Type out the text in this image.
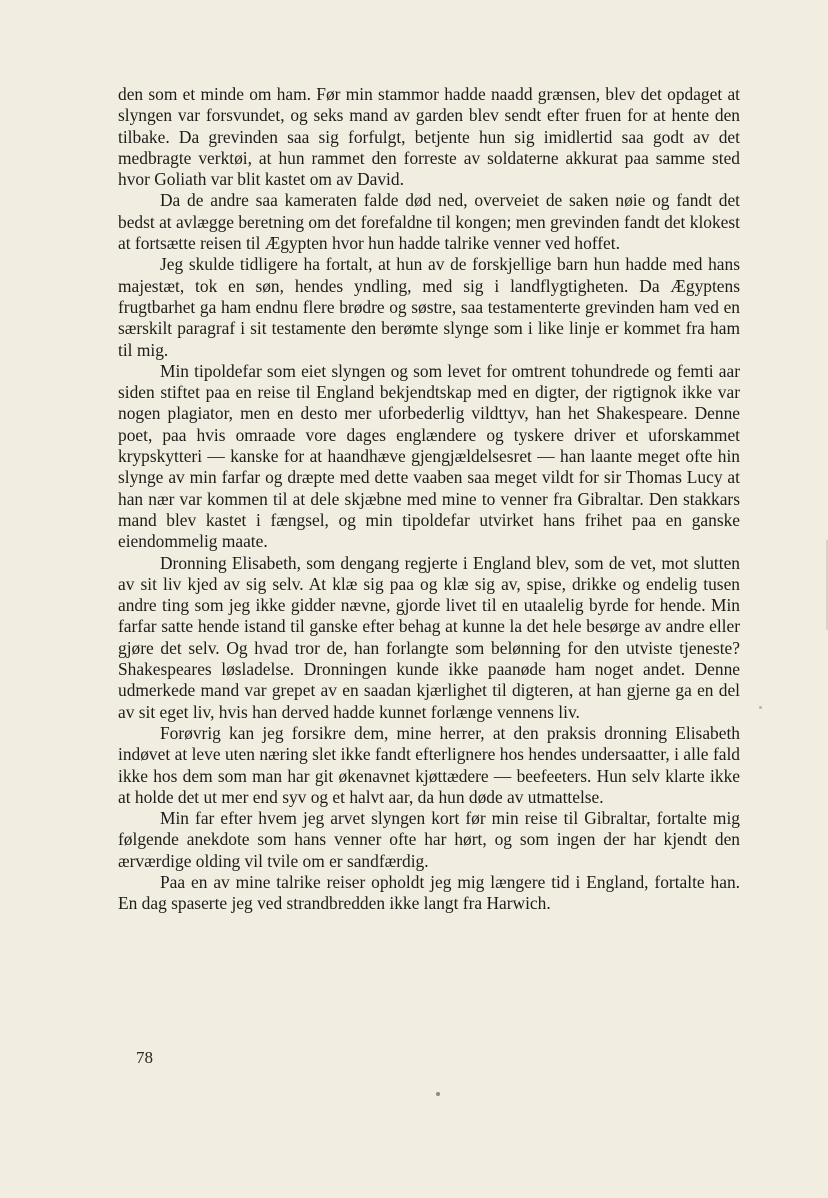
den som et minde om ham. Før min stammor hadde naadd grænsen, blev det opdaget at slyngen var forsvundet, og seks mand av garden blev sendt efter fruen for at hente den tilbake. Da grevinden saa sig forfulgt, betjente hun sig imidlertid saa godt av det medbragte verktøi, at hun rammet den forreste av soldaterne akkurat paa samme sted hvor Goliath var blit kastet om av David.

Da de andre saa kameraten falde død ned, overveiet de saken nøie og fandt det bedst at avlægge beretning om det forefaldne til kongen; men grevinden fandt det klokest at fortsætte reisen til Ægypten hvor hun hadde talrike venner ved hoffet.

Jeg skulde tidligere ha fortalt, at hun av de forskjellige barn hun hadde med hans majestæt, tok en søn, hendes yndling, med sig i landflygtigheten. Da Ægyptens frugtbarhet ga ham endnu flere brødre og søstre, saa testamenterte grevinden ham ved en særskilt paragraf i sit testamente den berømte slynge som i like linje er kommet fra ham til mig.

Min tipoldefar som eiet slyngen og som levet for omtrent tohundrede og femti aar siden stiftet paa en reise til England bekjendtskap med en digter, der rigtignok ikke var nogen plagiator, men en desto mer uforbederlig vildttyv, han het Shakespeare. Denne poet, paa hvis omraade vore dages englændere og tyskere driver et uforskammet krypskytteri — kanske for at haandhæve gjengjældelsesret — han laante meget ofte hin slynge av min farfar og dræpte med dette vaaben saa meget vildt for sir Thomas Lucy at han nær var kommen til at dele skjæbne med mine to venner fra Gibraltar. Den stakkars mand blev kastet i fængsel, og min tipoldefar utvirket hans frihet paa en ganske eiendommelig maate.

Dronning Elisabeth, som dengang regjerte i England blev, som de vet, mot slutten av sit liv kjed av sig selv. At klæ sig paa og klæ sig av, spise, drikke og endelig tusen andre ting som jeg ikke gidder nævne, gjorde livet til en utaalelig byrde for hende. Min farfar satte hende istand til ganske efter behag at kunne la det hele besørge av andre eller gjøre det selv. Og hvad tror de, han forlangte som belønning for den utviste tjeneste? Shakespeares løsladelse. Dronningen kunde ikke paanøde ham noget andet. Denne udmerkede mand var grepet av en saadan kjærlighet til digteren, at han gjerne ga en del av sit eget liv, hvis han derved hadde kunnet forlænge vennens liv.

Forøvrig kan jeg forsikre dem, mine herrer, at den praksis dronning Elisabeth indøvet at leve uten næring slet ikke fandt efterlignere hos hendes undersaatter, i alle fald ikke hos dem som man har git økenavnet kjøttædere — beefeeters. Hun selv klarte ikke at holde det ut mer end syv og et halvt aar, da hun døde av utmattelse.

Min far efter hvem jeg arvet slyngen kort før min reise til Gibraltar, fortalte mig følgende anekdote som hans venner ofte har hørt, og som ingen der har kjendt den ærværdige olding vil tvile om er sandfærdig.

Paa en av mine talrike reiser opholdt jeg mig længere tid i England, fortalte han. En dag spaserte jeg ved strandbredden ikke langt fra Harwich.

78
